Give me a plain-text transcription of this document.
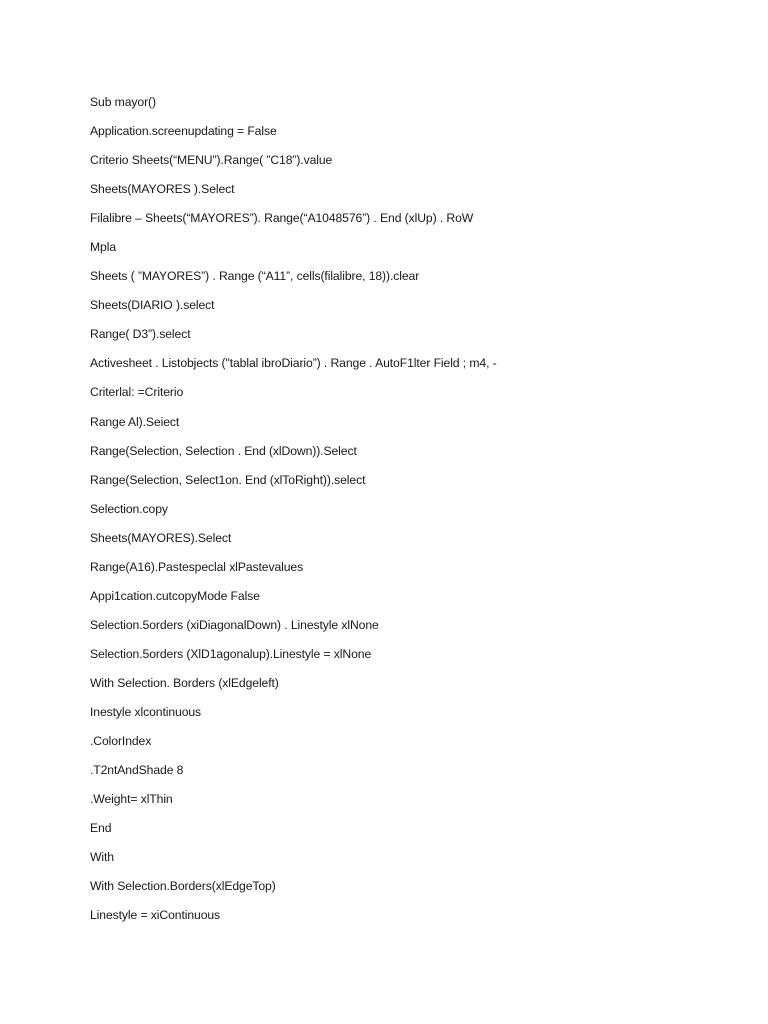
Sub mayor()
Application.screenupdating = False
Criterio Sheets(“MENU”).Range( ”C18”).value
Sheets(MAYORES ).Select
Filalibre – Sheets(“MAYORES”). Range(“A1048576”) . End (xlUp) . RoW
Mpla
Sheets ( ”MAYORES”) . Range (“A11”, cells(filalibre, 18)).clear
Sheets(DIARIO ).select
Range( D3”).select
Activesheet . Listobjects ("tablal ibroDiario”) . Range . AutoF1lter Field ; m4, -
Criterlal: =Criterio
Range Al).Seiect
Range(Selection, Selection . End (xlDown)).Select
Range(Selection, Select1on. End (xlToRight)).select
Selection.copy
Sheets(MAYORES).Select
Range(A16).Pastespeclal xlPastevalues
Appi1cation.cutcopyMode False
Selection.5orders (xiDiagonalDown) . Linestyle xlNone
Selection.5orders (XlD1agonalup).Linestyle = xlNone
With Selection. Borders (xlEdgeleft)
Inestyle xlcontinuous
.ColorIndex
.T2ntAndShade 8
.Weight= xlThin
End
With
With Selection.Borders(xlEdgeTop)
Linestyle = xiContinuous
